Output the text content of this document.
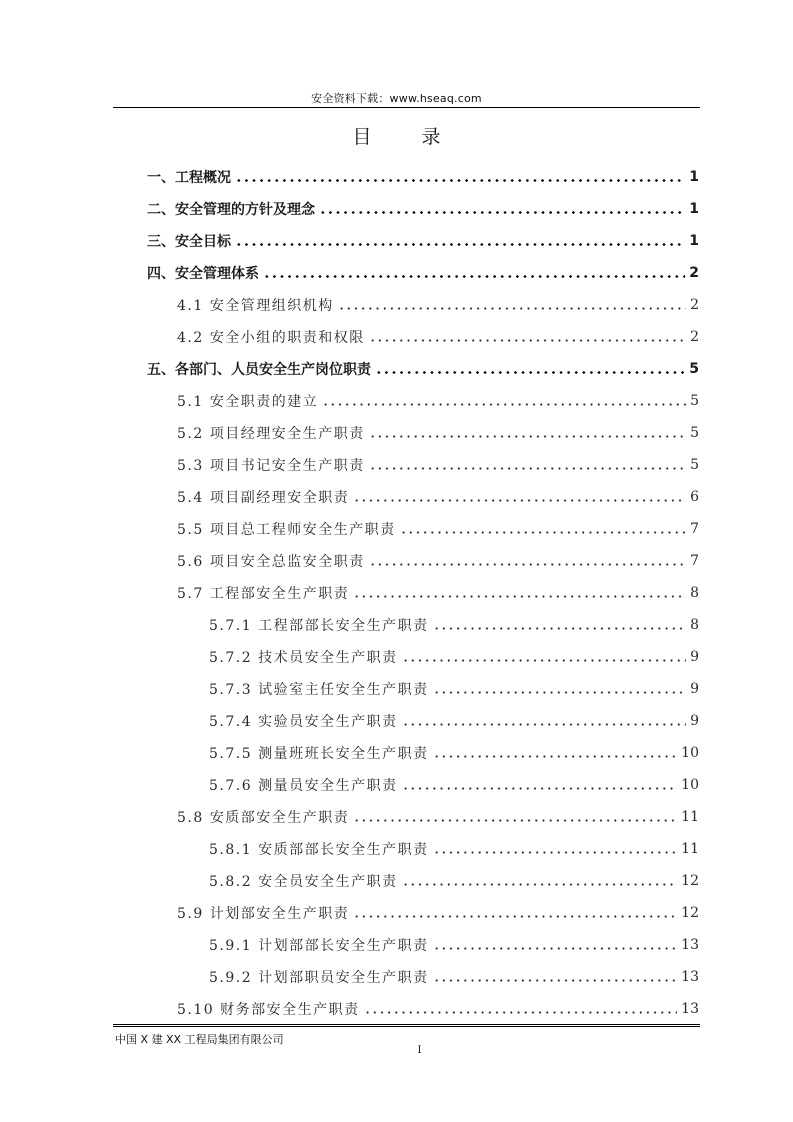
安全资料下载：www.hseaq.com
目 录
一、工程概况	1
二、安全管理的方针及理念	1
三、安全目标	1
四、安全管理体系	2
4.1 安全管理组织机构	2
4.2 安全小组的职责和权限	2
五、各部门、人员安全生产岗位职责	5
5.1 安全职责的建立	5
5.2 项目经理安全生产职责	5
5.3 项目书记安全生产职责	5
5.4 项目副经理安全职责	6
5.5 项目总工程师安全生产职责	7
5.6 项目安全总监安全职责	7
5.7 工程部安全生产职责	8
5.7.1 工程部部长安全生产职责	8
5.7.2 技术员安全生产职责	9
5.7.3 试验室主任安全生产职责	9
5.7.4 实验员安全生产职责	9
5.7.5 测量班班长安全生产职责	10
5.7.6 测量员安全生产职责	10
5.8 安质部安全生产职责	11
5.8.1 安质部部长安全生产职责	11
5.8.2 安全员安全生产职责	12
5.9 计划部安全生产职责	12
5.9.1 计划部部长安全生产职责	13
5.9.2 计划部职员安全生产职责	13
5.10 财务部安全生产职责	13
中国 X 建 XX 工程局集团有限公司
I
